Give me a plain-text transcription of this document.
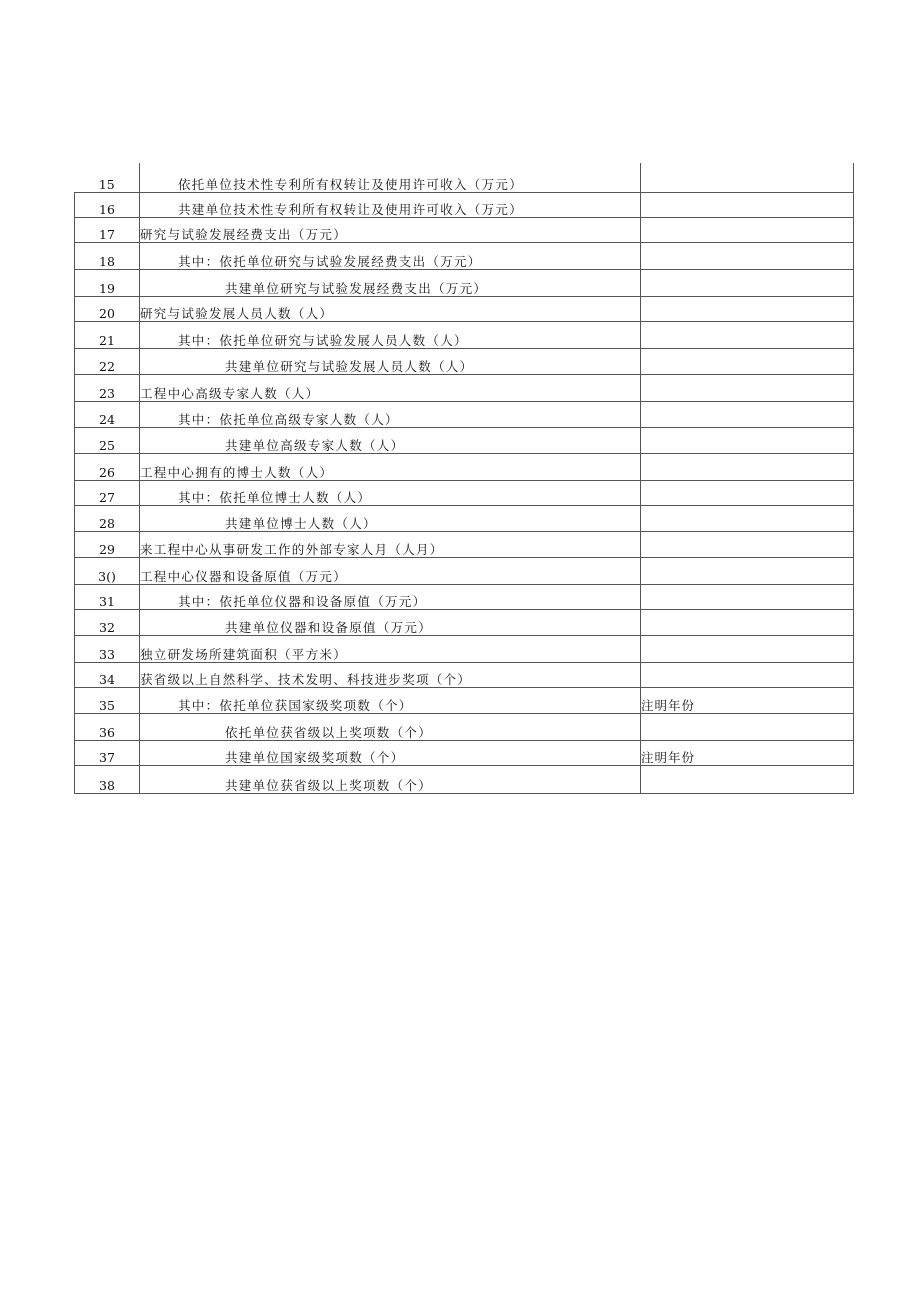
15	依托单位技术性专利所有权转让及使用许可收入（万元）	
16	共建单位技术性专利所有权转让及使用许可收入（万元）	
17	研究与试验发展经费支出（万元）	
18	其中：依托单位研究与试验发展经费支出（万元）	
19	共建单位研究与试验发展经费支出（万元）	
20	研究与试验发展人员人数（人）	
21	其中：依托单位研究与试验发展人员人数（人）	
22	共建单位研究与试验发展人员人数（人）	
23	工程中心高级专家人数（人）	
24	其中：依托单位高级专家人数（人）	
25	共建单位高级专家人数（人）	
26	工程中心拥有的博士人数（人）	
27	其中：依托单位博士人数（人）	
28	共建单位博士人数（人）	
29	来工程中心从事研发工作的外部专家人月（人月）	
3()	工程中心仪器和设备原值（万元）	
31	其中：依托单位仪器和设备原值（万元）	
32	共建单位仪器和设备原值（万元）	
33	独立研发场所建筑面积（平方米）	
34	获省级以上自然科学、技术发明、科技进步奖项（个）	
35	其中：依托单位获国家级奖项数（个）	注明年份
36	依托单位获省级以上奖项数（个）	
37	共建单位国家级奖项数（个）	注明年份
38	共建单位获省级以上奖项数（个）	
